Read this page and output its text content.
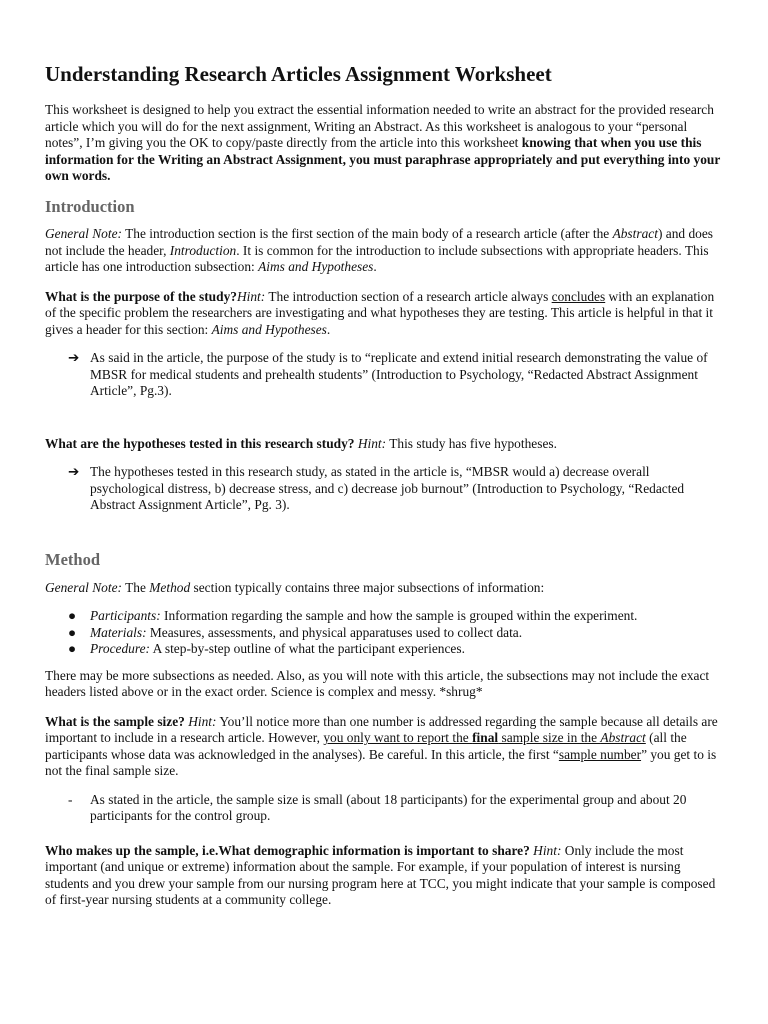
Understanding Research Articles Assignment Worksheet

This worksheet is designed to help you extract the essential information needed to write an abstract for the provided research article which you will do for the next assignment, Writing an Abstract. As this worksheet is analogous to your “personal notes”, I’m giving you the OK to copy/paste directly from the article into this worksheet knowing that when you use this information for the Writing an Abstract Assignment, you must paraphrase appropriately and put everything into your own words.

Introduction

General Note: The introduction section is the first section of the main body of a research article (after the Abstract) and does not include the header, Introduction. It is common for the introduction to include subsections with appropriate headers. This article has one introduction subsection: Aims and Hypotheses.

What is the purpose of the study?Hint: The introduction section of a research article always concludes with an explanation of the specific problem the researchers are investigating and what hypotheses they are testing. This article is helpful in that it gives a header for this section: Aims and Hypotheses.

➔ As said in the article, the purpose of the study is to “replicate and extend initial research demonstrating the value of MBSR for medical students and prehealth students” (Introduction to Psychology, “Redacted Abstract Assignment Article”, Pg.3).

What are the hypotheses tested in this research study? Hint: This study has five hypotheses.

➔ The hypotheses tested in this research study, as stated in the article is, “MBSR would a) decrease overall psychological distress, b) decrease stress, and c) decrease job burnout” (Introduction to Psychology, “Redacted Abstract Assignment Article”, Pg. 3).
Method

General Note: The Method section typically contains three major subsections of information:

● Participants: Information regarding the sample and how the sample is grouped within the experiment.
● Materials: Measures, assessments, and physical apparatuses used to collect data.
● Procedure: A step-by-step outline of what the participant experiences.

There may be more subsections as needed. Also, as you will note with this article, the subsections may not include the exact headers listed above or in the exact order. Science is complex and messy. *shrug*

What is the sample size? Hint: You’ll notice more than one number is addressed regarding the sample because all details are important to include in a research article. However, you only want to report the final sample size in the Abstract (all the participants whose data was acknowledged in the analyses). Be careful. In this article, the first “sample number” you get to is not the final sample size.

- As stated in the article, the sample size is small (about 18 participants) for the experimental group and about 20 participants for the control group.

Who makes up the sample, i.e.What demographic information is important to share? Hint: Only include the most important (and unique or extreme) information about the sample. For example, if your population of interest is nursing students and you drew your sample from our nursing program here at TCC, you might indicate that your sample is composed of first-year nursing students at a community college.
